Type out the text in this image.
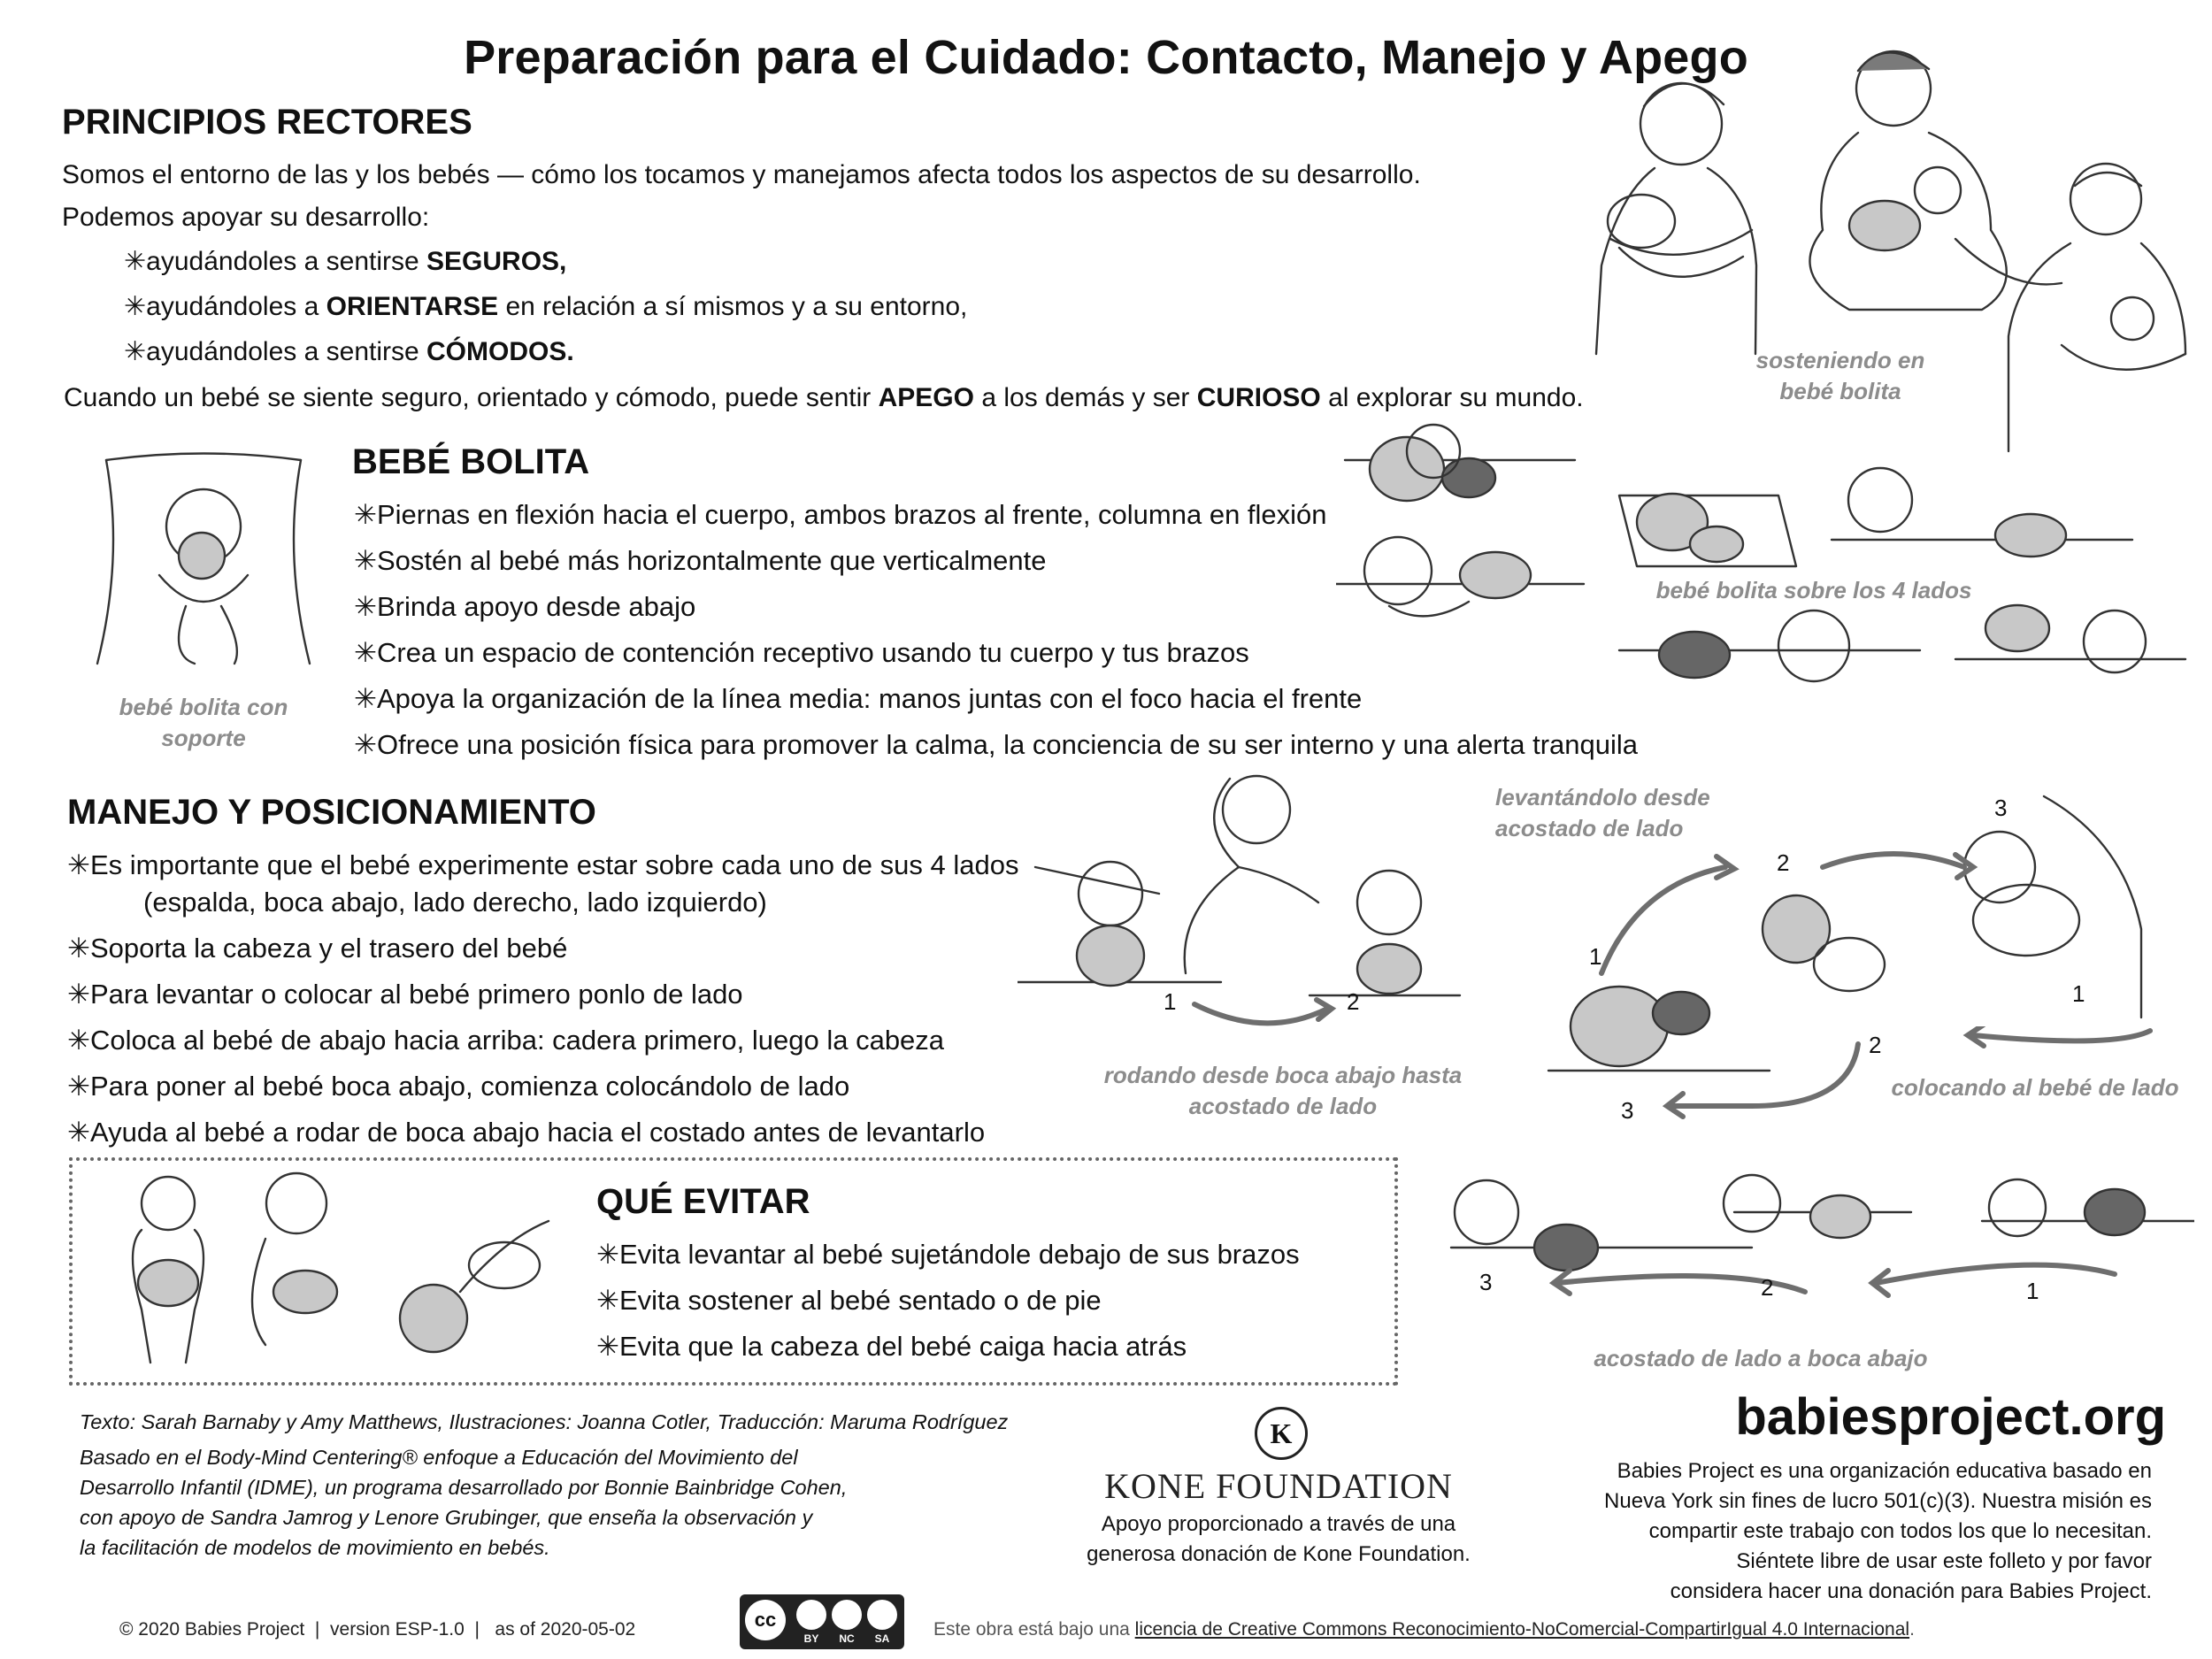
Preparación para el Cuidado: Contacto, Manejo y Apego
PRINCIPIOS RECTORES
Somos el entorno de las y los bebés — cómo los tocamos y manejamos afecta todos los aspectos de su desarrollo.
Podemos apoyar su desarrollo:
✳ayudándoles a sentirse SEGUROS,
✳ayudándoles a ORIENTARSE en relación a sí mismos y a su entorno,
✳ayudándoles a sentirse CÓMODOS.
Cuando un bebé se siente seguro, orientado y cómodo, puede sentir APEGO a los demás y ser CURIOSO al explorar su mundo.
sosteniendo en bebé bolita
bebé bolita con soporte
BEBÉ BOLITA
✳Piernas en flexión hacia el cuerpo, ambos brazos al frente, columna en flexión
✳Sostén al bebé más horizontalmente que verticalmente
✳Brinda apoyo desde abajo
✳Crea un espacio de contención receptivo usando tu cuerpo y tus brazos
✳Apoya la organización de la línea media: manos juntas con el foco hacia el frente
✳Ofrece una posición física para promover la calma, la conciencia de su ser interno y una alerta tranquila
bebé bolita sobre los 4 lados
MANEJO Y POSICIONAMIENTO
✳Es importante que el bebé experimente estar sobre cada uno de sus 4 lados
(espalda, boca abajo, lado derecho, lado izquierdo)
✳Soporta la cabeza y el trasero del bebé
✳Para levantar o colocar al bebé primero ponlo de lado
✳Coloca al bebé de abajo hacia arriba: cadera primero, luego la cabeza
✳Para poner al bebé boca abajo, comienza colocándolo de lado
✳Ayuda al bebé a rodar de boca abajo hacia el costado antes de levantarlo
1	2
rodando desde boca abajo hasta acostado de lado
levantándolo desde acostado de lado
1
2
3
1
2
3
colocando al bebé de lado
1
2
3
acostado de lado a boca abajo
QUÉ EVITAR
✳Evita levantar al bebé sujetándole debajo de sus brazos
✳Evita sostener al bebé sentado o de pie
✳Evita que la cabeza del bebé caiga hacia atrás
Texto: Sarah Barnaby y Amy Matthews, Ilustraciones: Joanna Cotler, Traducción: Maruma Rodríguez
Basado en el Body-Mind Centering® enfoque a Educación del Movimiento del
Desarrollo Infantil (IDME), un programa desarrollado por Bonnie Bainbridge Cohen,
con apoyo de Sandra Jamrog y Lenore Grubinger, que enseña la observación y
la facilitación de modelos de movimiento en bebés.
K
KONE FOUNDATION
Apoyo proporcionado a través de una
generosa donación de Kone Foundation.
babiesproject.org
Babies Project es una organización educativa basado en
Nueva York sin fines de lucro 501(c)(3). Nuestra misión es
compartir este trabajo con todos los que lo necesitan.
Siéntete libre de usar este folleto y por favor
considera hacer una donación para Babies Project.
© 2020 Babies Project  |  version ESP-1.0  |   as of 2020-05-02	cc
BY	NC	SA	Este obra está bajo una licencia de Creative Commons Reconocimiento-NoComercial-CompartirIgual 4.0 Internacional.
